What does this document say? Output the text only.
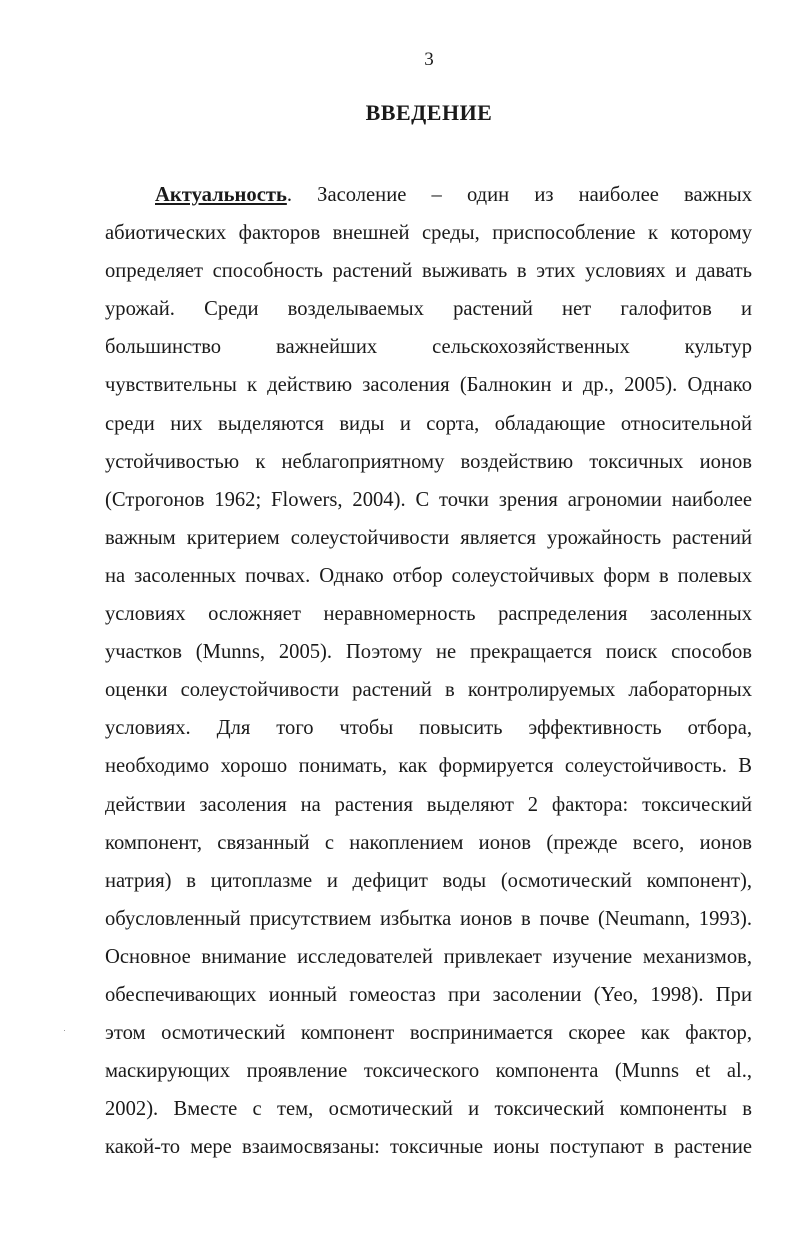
3
ВВЕДЕНИЕ
Актуальность. Засоление – один из наиболее важных
абиотических факторов внешней среды, приспособление к которому
определяет способность растений выживать в этих условиях и давать
урожай. Среди возделываемых растений нет галофитов и
большинство важнейших сельскохозяйственных культур
чувствительны к действию засоления (Балнокин и др., 2005). Однако
среди них выделяются виды и сорта, обладающие относительной
устойчивостью к неблагоприятному воздействию токсичных ионов
(Строгонов 1962; Flowers, 2004). С точки зрения агрономии наиболее
важным критерием солеустойчивости является урожайность растений
на засоленных почвах. Однако отбор солеустойчивых форм в полевых
условиях осложняет неравномерность распределения засоленных
участков (Munns, 2005). Поэтому не прекращается поиск способов
оценки солеустойчивости растений в контролируемых лабораторных
условиях. Для того чтобы повысить эффективность отбора,
необходимо хорошо понимать, как формируется солеустойчивость. В
действии засоления на растения выделяют 2 фактора: токсический
компонент, связанный с накоплением ионов (прежде всего, ионов
натрия) в цитоплазме и дефицит воды (осмотический компонент),
обусловленный присутствием избытка ионов в почве (Neumann, 1993).
Основное внимание исследователей привлекает изучение механизмов,
обеспечивающих ионный гомеостаз при засолении (Yeo, 1998). При
этом осмотический компонент воспринимается скорее как фактор,
маскирующих проявление токсического компонента (Munns et al.,
2002). Вместе с тем, осмотический и токсический компоненты в
какой-то мере взаимосвязаны: токсичные ионы поступают в растение
